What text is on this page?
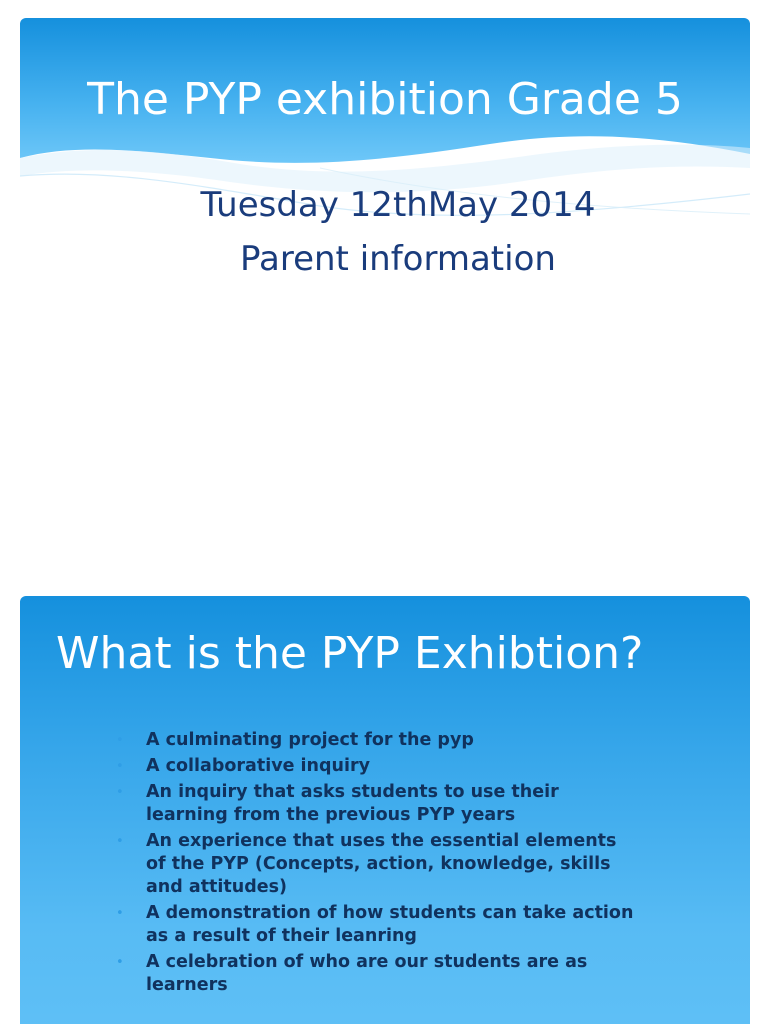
The PYP exhibition Grade 5
Tuesday 12thMay 2014
Parent information
What is the PYP Exhibtion?
• A culminating project for the pyp
• A collaborative inquiry
• An inquiry that asks students to use their learning from the previous PYP years
• An experience that uses the essential elements of the PYP (Concepts, action, knowledge, skills and attitudes)
• A demonstration of how students can take action as a result of their leanring
• A celebration of who are our students are as learners
